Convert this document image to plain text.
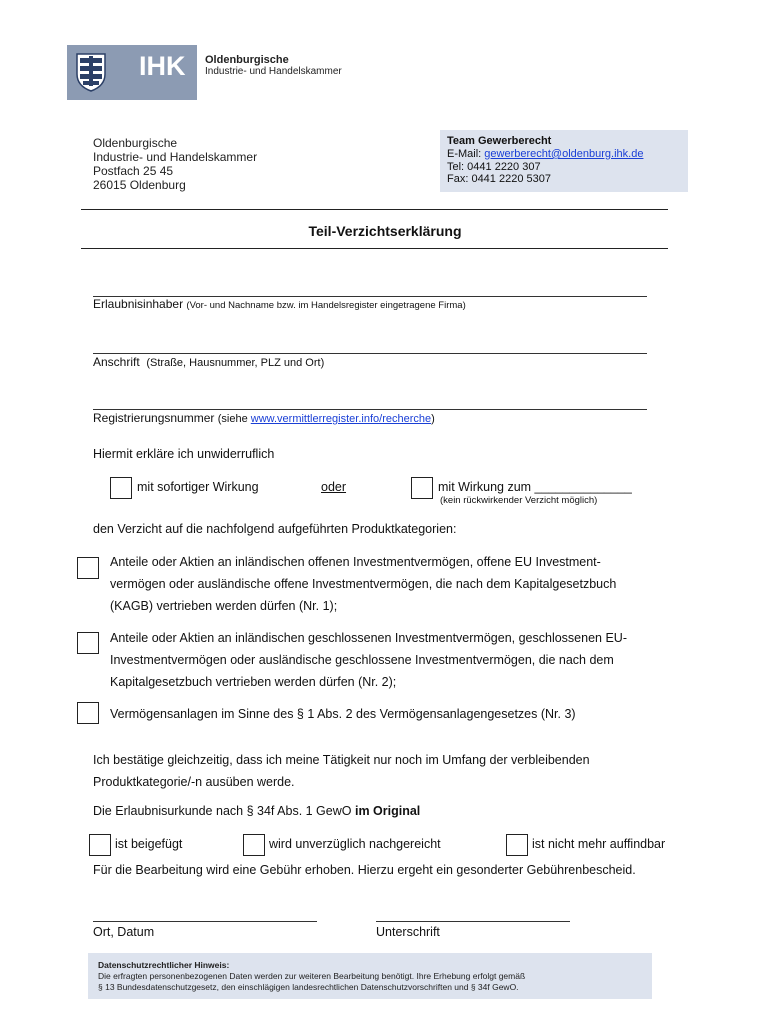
IHK Oldenburgische
Industrie- und Handelskammer
Oldenburgische
Industrie- und Handelskammer
Postfach 25 45
26015 Oldenburg
Team Gewerberecht
E-Mail: gewerberecht@oldenburg.ihk.de
Tel: 0441 2220 307
Fax: 0441 2220 5307
Teil-Verzichtserklärung
Erlaubnisinhaber (Vor- und Nachname bzw. im Handelsregister eingetragene Firma)
Anschrift (Straße, Hausnummer, PLZ und Ort)
Registrierungsnummer (siehe www.vermittlerregister.info/recherche)
Hiermit erkläre ich unwiderruflich
mit sofortiger Wirkung	oder	mit Wirkung zum ______________
(kein rückwirkender Verzicht möglich)
den Verzicht auf die nachfolgend aufgeführten Produktkategorien:
Anteile oder Aktien an inländischen offenen Investmentvermögen, offene EU Investment-
vermögen oder ausländische offene Investmentvermögen, die nach dem Kapitalgesetzbuch
(KAGB) vertrieben werden dürfen (Nr. 1);
Anteile oder Aktien an inländischen geschlossenen Investmentvermögen, geschlossenen EU-
Investmentvermögen oder ausländische geschlossene Investmentvermögen, die nach dem
Kapitalgesetzbuch vertrieben werden dürfen (Nr. 2);
Vermögensanlagen im Sinne des § 1 Abs. 2 des Vermögensanlagengesetzes (Nr. 3)
Ich bestätige gleichzeitig, dass ich meine Tätigkeit nur noch im Umfang der verbleibenden
Produktkategorie/-n ausüben werde.
Die Erlaubnisurkunde nach § 34f Abs. 1 GewO im Original
ist beigefügt	wird unverzüglich nachgereicht	ist nicht mehr auffindbar
Für die Bearbeitung wird eine Gebühr erhoben. Hierzu ergeht ein gesonderter Gebührenbescheid.
Ort, Datum	Unterschrift
Datenschutzrechtlicher Hinweis:
Die erfragten personenbezogenen Daten werden zur weiteren Bearbeitung benötigt. Ihre Erhebung erfolgt gemäß
§ 13 Bundesdatenschutzgesetz, den einschlägigen landesrechtlichen Datenschutzvorschriften und § 34f GewO.
